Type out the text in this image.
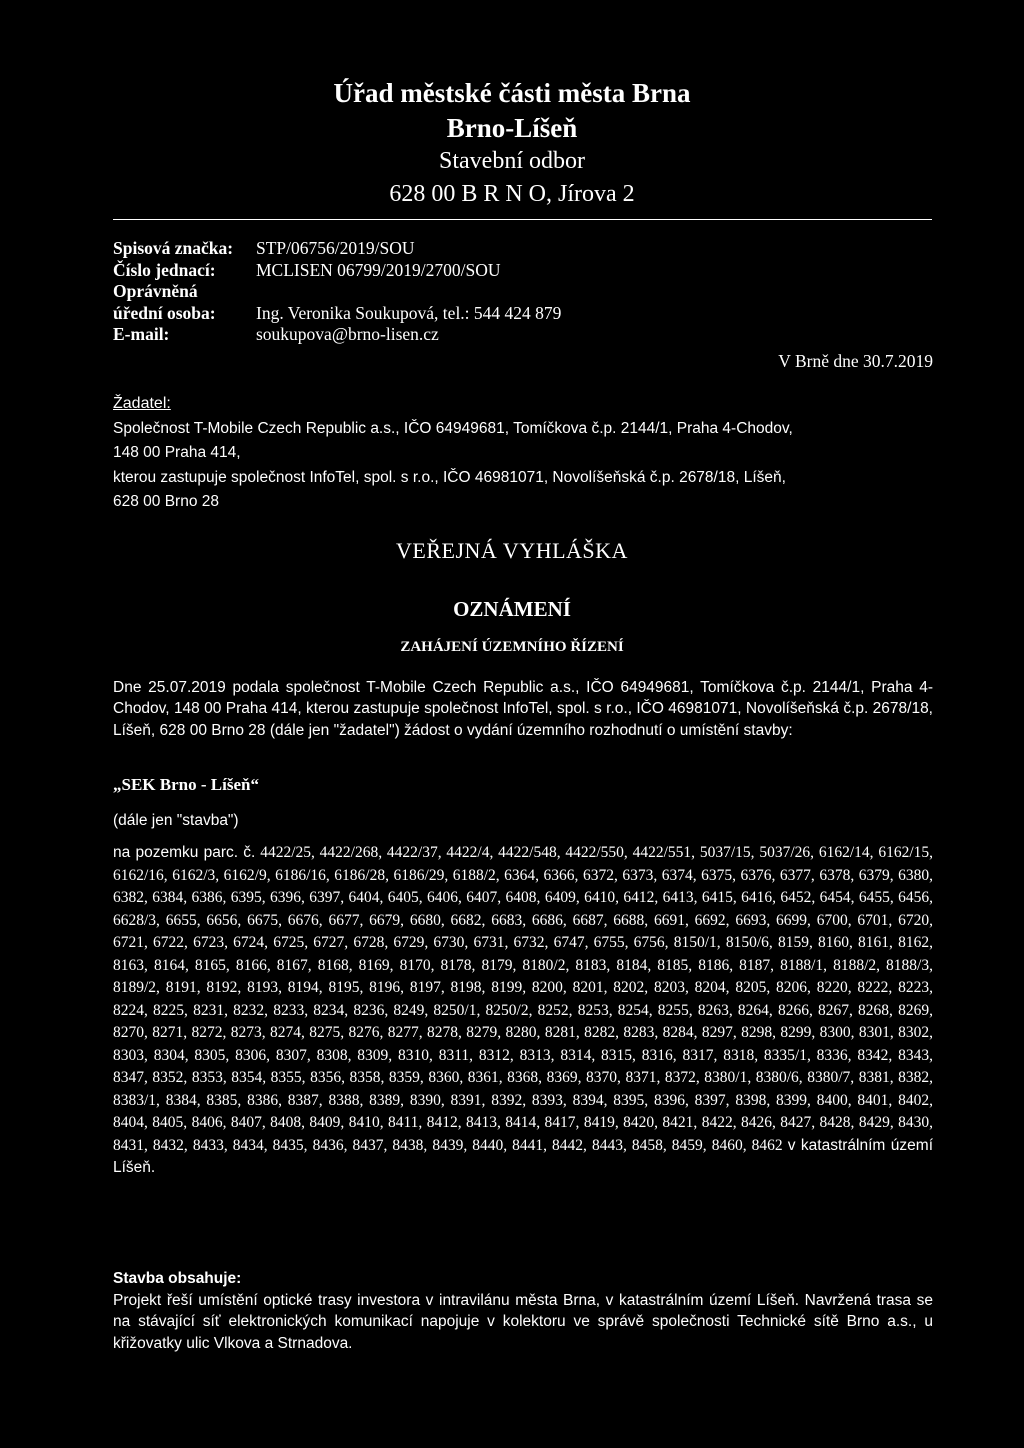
Úřad městské části města Brna
Brno-Líšeň
Stavební odbor
628 00 B R N O, Jírova 2
Spisová značka: STP/06756/2019/SOU
Číslo jednací: MCLISEN 06799/2019/2700/SOU
Oprávněná
úřední osoba: Ing. Veronika Soukupová, tel.: 544 424 879
E-mail:	soukupova@brno-lisen.cz
V Brně dne 30.7.2019
Žadatel:
Společnost T-Mobile Czech Republic a.s., IČO 64949681, Tomíčkova č.p. 2144/1, Praha 4-Chodov,
148 00 Praha 414,
kterou zastupuje společnost InfoTel, spol. s r.o., IČO 46981071, Novolíšeňská č.p. 2678/18, Líšeň,
628 00 Brno 28
VEŘEJNÁ VYHLÁŠKA
OZNÁMENÍ
ZAHÁJENÍ ÚZEMNÍHO ŘÍZENÍ
Dne 25.07.2019 podala společnost T-Mobile Czech Republic a.s., IČO 64949681, Tomíčkova č.p. 2144/1, Praha 4-Chodov, 148 00 Praha 414, kterou zastupuje společnost InfoTel, spol. s r.o., IČO 46981071, Novolíšeňská č.p. 2678/18, Líšeň, 628 00 Brno 28 (dále jen "žadatel") žádost o vydání územního rozhodnutí o umístění stavby:
„SEK Brno - Líšeň“
(dále jen "stavba")
na pozemku parc. č. 4422/25, 4422/268, 4422/37, 4422/4, 4422/548, 4422/550, 4422/551, 5037/15, 5037/26, 6162/14, 6162/15, 6162/16, 6162/3, 6162/9, 6186/16, 6186/28, 6186/29, 6188/2, 6364, 6366, 6372, 6373, 6374, 6375, 6376, 6377, 6378, 6379, 6380, 6382, 6384, 6386, 6395, 6396, 6397, 6404, 6405, 6406, 6407, 6408, 6409, 6410, 6412, 6413, 6415, 6416, 6452, 6454, 6455, 6456, 6628/3, 6655, 6656, 6675, 6676, 6677, 6679, 6680, 6682, 6683, 6686, 6687, 6688, 6691, 6692, 6693, 6699, 6700, 6701, 6720, 6721, 6722, 6723, 6724, 6725, 6727, 6728, 6729, 6730, 6731, 6732, 6747, 6755, 6756, 8150/1, 8150/6, 8159, 8160, 8161, 8162, 8163, 8164, 8165, 8166, 8167, 8168, 8169, 8170, 8178, 8179, 8180/2, 8183, 8184, 8185, 8186, 8187, 8188/1, 8188/2, 8188/3, 8189/2, 8191, 8192, 8193, 8194, 8195, 8196, 8197, 8198, 8199, 8200, 8201, 8202, 8203, 8204, 8205, 8206, 8220, 8222, 8223, 8224, 8225, 8231, 8232, 8233, 8234, 8236, 8249, 8250/1, 8250/2, 8252, 8253, 8254, 8255, 8263, 8264, 8266, 8267, 8268, 8269, 8270, 8271, 8272, 8273, 8274, 8275, 8276, 8277, 8278, 8279, 8280, 8281, 8282, 8283, 8284, 8297, 8298, 8299, 8300, 8301, 8302, 8303, 8304, 8305, 8306, 8307, 8308, 8309, 8310, 8311, 8312, 8313, 8314, 8315, 8316, 8317, 8318, 8335/1, 8336, 8342, 8343, 8347, 8352, 8353, 8354, 8355, 8356, 8358, 8359, 8360, 8361, 8368, 8369, 8370, 8371, 8372, 8380/1, 8380/6, 8380/7, 8381, 8382, 8383/1, 8384, 8385, 8386, 8387, 8388, 8389, 8390, 8391, 8392, 8393, 8394, 8395, 8396, 8397, 8398, 8399, 8400, 8401, 8402, 8404, 8405, 8406, 8407, 8408, 8409, 8410, 8411, 8412, 8413, 8414, 8417, 8419, 8420, 8421, 8422, 8426, 8427, 8428, 8429, 8430, 8431, 8432, 8433, 8434, 8435, 8436, 8437, 8438, 8439, 8440, 8441, 8442, 8443, 8458, 8459, 8460, 8462 v katastrálním území Líšeň.
Stavba obsahuje:
Projekt řeší umístění optické trasy investora v intravilánu města Brna, v katastrálním území Líšeň. Navržená trasa se na stávající síť elektronických komunikací napojuje v kolektoru ve správě společnosti Technické sítě Brno a.s., u křižovatky ulic Vlkova a Strnadova.
